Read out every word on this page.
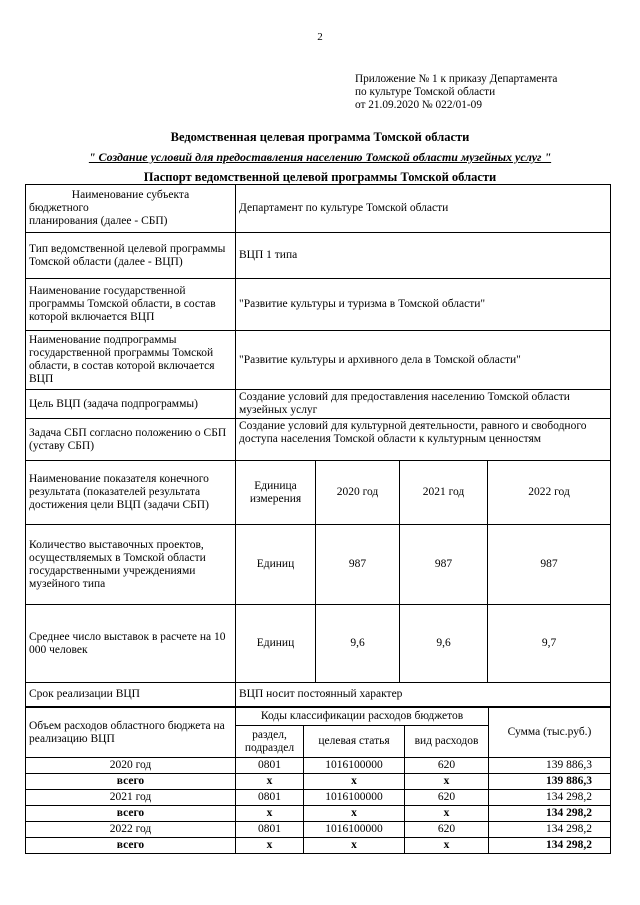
2
Приложение № 1 к приказу Департамента
по культуре Томской области
от 21.09.2020 № 022/01-09
Ведомственная целевая программа Томской области
" Создание условий для предоставления населению Томской области музейных услуг "
Паспорт ведомственной целевой программы Томской области
Наименование субъекта
бюджетного
планирования (далее - СБП)	Департамент по культуре Томской области			
Тип ведомственной целевой программы Томской области (далее - ВЦП)	ВЦП 1 типа			
Наименование государственной программы Томской области, в состав которой включается ВЦП	"Развитие культуры и туризма в Томской области"			
Наименование подпрограммы государственной программы Томской области, в состав которой включается ВЦП	"Развитие культуры и архивного дела в Томской области"			
Цель ВЦП (задача подпрограммы)	Создание условий для предоставления населению Томской области музейных услуг			
Задача СБП согласно положению о СБП (уставу СБП)	Создание условий для культурной деятельности, равного и свободного доступа населения Томской области к культурным ценностям			
Наименование показателя конечного результата (показателей результата достижения цели ВЦП (задачи СБП)	Единица измерения	2020 год	2021 год	2022 год
Количество выставочных проектов, осуществляемых в Томской области государственными учреждениями музейного типа	Единиц	987	987	987
Среднее число выставок в расчете на 10 000 человек	Единиц	9,6	9,6	9,7
Срок реализации ВЦП	ВЦП носит постоянный характер			
Объем расходов областного бюджета на реализацию ВЦП	Коды классификации расходов бюджетов			Сумма (тыс.руб.)
	раздел, подраздел	целевая статья	вид расходов	
2020 год	0801	1016100000	620	139 886,3
всего	x	x	x	139 886,3
2021 год	0801	1016100000	620	134 298,2
всего	x	x	x	134 298,2
2022 год	0801	1016100000	620	134 298,2
всего	x	x	x	134 298,2
